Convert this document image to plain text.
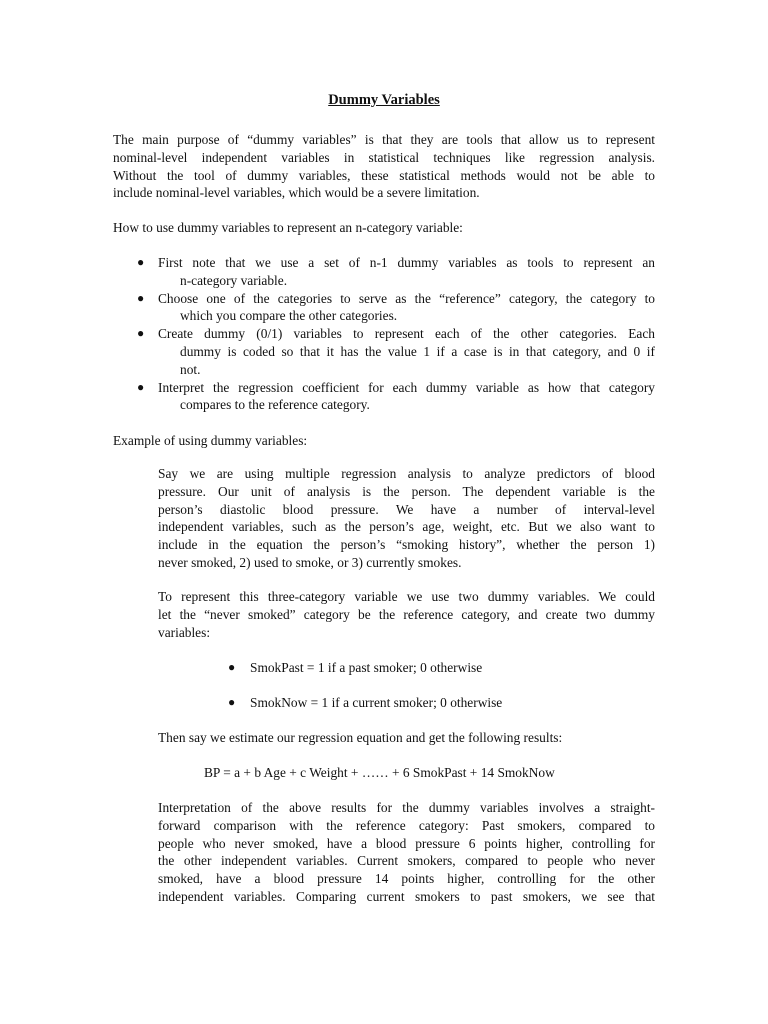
Dummy Variables

The main purpose of “dummy variables” is that they are tools that allow us to represent
nominal-level independent variables in statistical techniques like regression analysis.
Without the tool of dummy variables, these statistical methods would not be able to
include nominal-level variables, which would be a severe limitation.

How to use dummy variables to represent an n-category variable:

● First note that we use a set of n-1 dummy variables as tools to represent an
n-category variable.
● Choose one of the categories to serve as the “reference” category, the category to
which you compare the other categories.
● Create dummy (0/1) variables to represent each of the other categories. Each
dummy is coded so that it has the value 1 if a case is in that category, and 0 if
not.
● Interpret the regression coefficient for each dummy variable as how that category
compares to the reference category.

Example of using dummy variables:

Say we are using multiple regression analysis to analyze predictors of blood
pressure. Our unit of analysis is the person. The dependent variable is the
person’s diastolic blood pressure. We have a number of interval-level
independent variables, such as the person’s age, weight, etc. But we also want to
include in the equation the person’s “smoking history”, whether the person 1)
never smoked, 2) used to smoke, or 3) currently smokes.

To represent this three-category variable we use two dummy variables. We could
let the “never smoked” category be the reference category, and create two dummy
variables:

● SmokPast = 1 if a past smoker; 0 otherwise

● SmokNow = 1 if a current smoker; 0 otherwise

Then say we estimate our regression equation and get the following results:

BP = a + b Age + c Weight + …… + 6 SmokPast + 14 SmokNow

Interpretation of the above results for the dummy variables involves a straight-
forward comparison with the reference category: Past smokers, compared to
people who never smoked, have a blood pressure 6 points higher, controlling for
the other independent variables. Current smokers, compared to people who never
smoked, have a blood pressure 14 points higher, controlling for the other
independent variables. Comparing current smokers to past smokers, we see that
